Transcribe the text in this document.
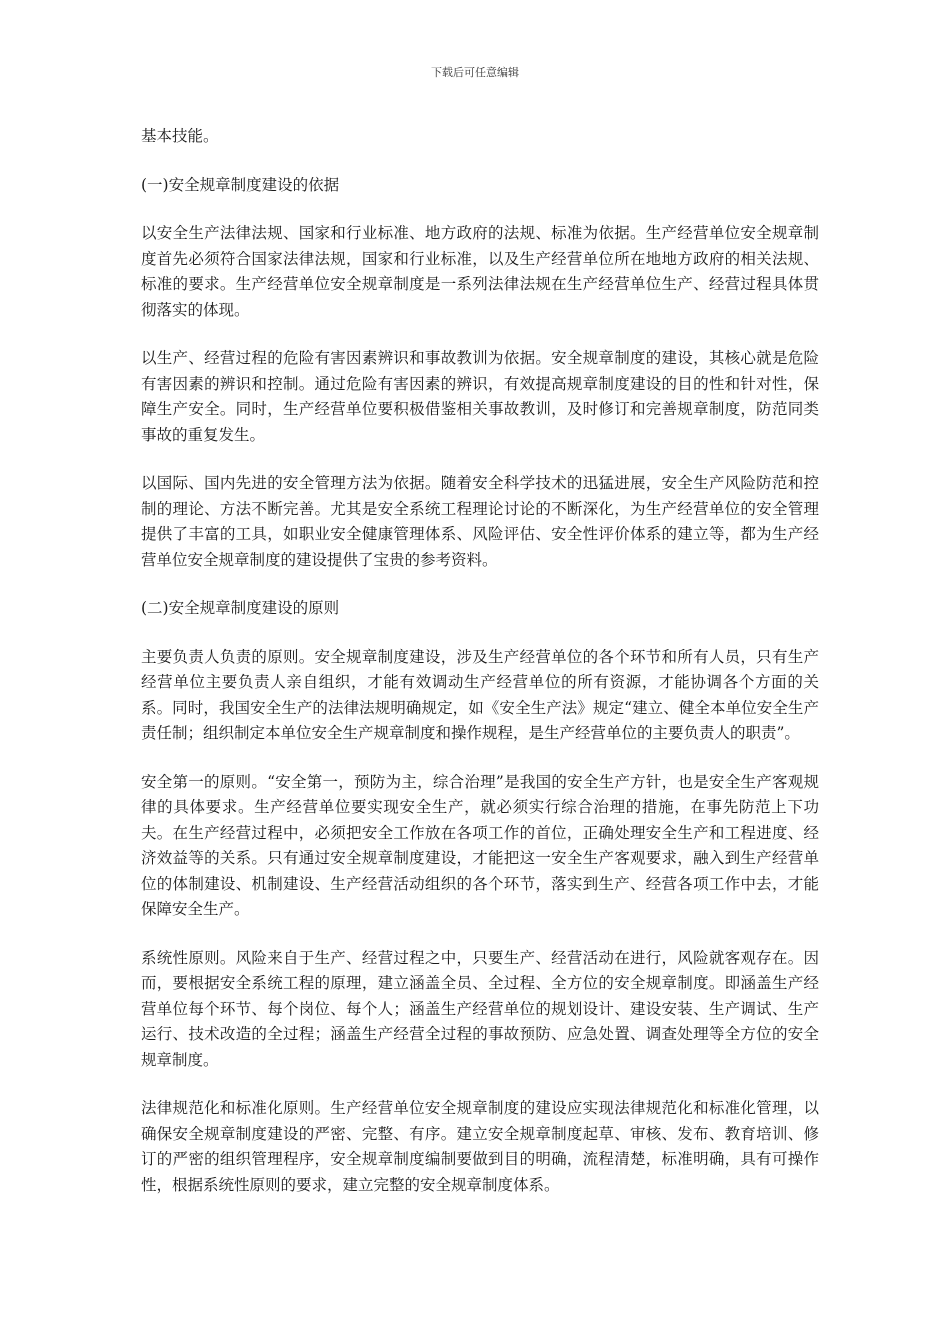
下载后可任意编辑

基本技能。

(一)安全规章制度建设的依据

以安全生产法律法规、国家和行业标准、地方政府的法规、标准为依据。生产经营单位安全规章制度首先必须符合国家法律法规，国家和行业标准，以及生产经营单位所在地地方政府的相关法规、标准的要求。生产经营单位安全规章制度是一系列法律法规在生产经营单位生产、经营过程具体贯彻落实的体现。

以生产、经营过程的危险有害因素辨识和事故教训为依据。安全规章制度的建设，其核心就是危险有害因素的辨识和控制。通过危险有害因素的辨识，有效提高规章制度建设的目的性和针对性，保障生产安全。同时，生产经营单位要积极借鉴相关事故教训，及时修订和完善规章制度，防范同类事故的重复发生。

以国际、国内先进的安全管理方法为依据。随着安全科学技术的迅猛进展，安全生产风险防范和控制的理论、方法不断完善。尤其是安全系统工程理论讨论的不断深化，为生产经营单位的安全管理提供了丰富的工具，如职业安全健康管理体系、风险评估、安全性评价体系的建立等，都为生产经营单位安全规章制度的建设提供了宝贵的参考资料。

(二)安全规章制度建设的原则

主要负责人负责的原则。安全规章制度建设，涉及生产经营单位的各个环节和所有人员，只有生产经营单位主要负责人亲自组织，才能有效调动生产经营单位的所有资源，才能协调各个方面的关系。同时，我国安全生产的法律法规明确规定，如《安全生产法》规定“建立、健全本单位安全生产责任制；组织制定本单位安全生产规章制度和操作规程，是生产经营单位的主要负责人的职责”。

安全第一的原则。“安全第一，预防为主，综合治理”是我国的安全生产方针，也是安全生产客观规律的具体要求。生产经营单位要实现安全生产，就必须实行综合治理的措施，在事先防范上下功夫。在生产经营过程中，必须把安全工作放在各项工作的首位，正确处理安全生产和工程进度、经济效益等的关系。只有通过安全规章制度建设，才能把这一安全生产客观要求，融入到生产经营单位的体制建设、机制建设、生产经营活动组织的各个环节，落实到生产、经营各项工作中去，才能保障安全生产。

系统性原则。风险来自于生产、经营过程之中，只要生产、经营活动在进行，风险就客观存在。因而，要根据安全系统工程的原理，建立涵盖全员、全过程、全方位的安全规章制度。即涵盖生产经营单位每个环节、每个岗位、每个人；涵盖生产经营单位的规划设计、建设安装、生产调试、生产运行、技术改造的全过程；涵盖生产经营全过程的事故预防、应急处置、调查处理等全方位的安全规章制度。

法律规范化和标准化原则。生产经营单位安全规章制度的建设应实现法律规范化和标准化管理，以确保安全规章制度建设的严密、完整、有序。建立安全规章制度起草、审核、发布、教育培训、修订的严密的组织管理程序，安全规章制度编制要做到目的明确，流程清楚，标准明确，具有可操作性，根据系统性原则的要求，建立完整的安全规章制度体系。
